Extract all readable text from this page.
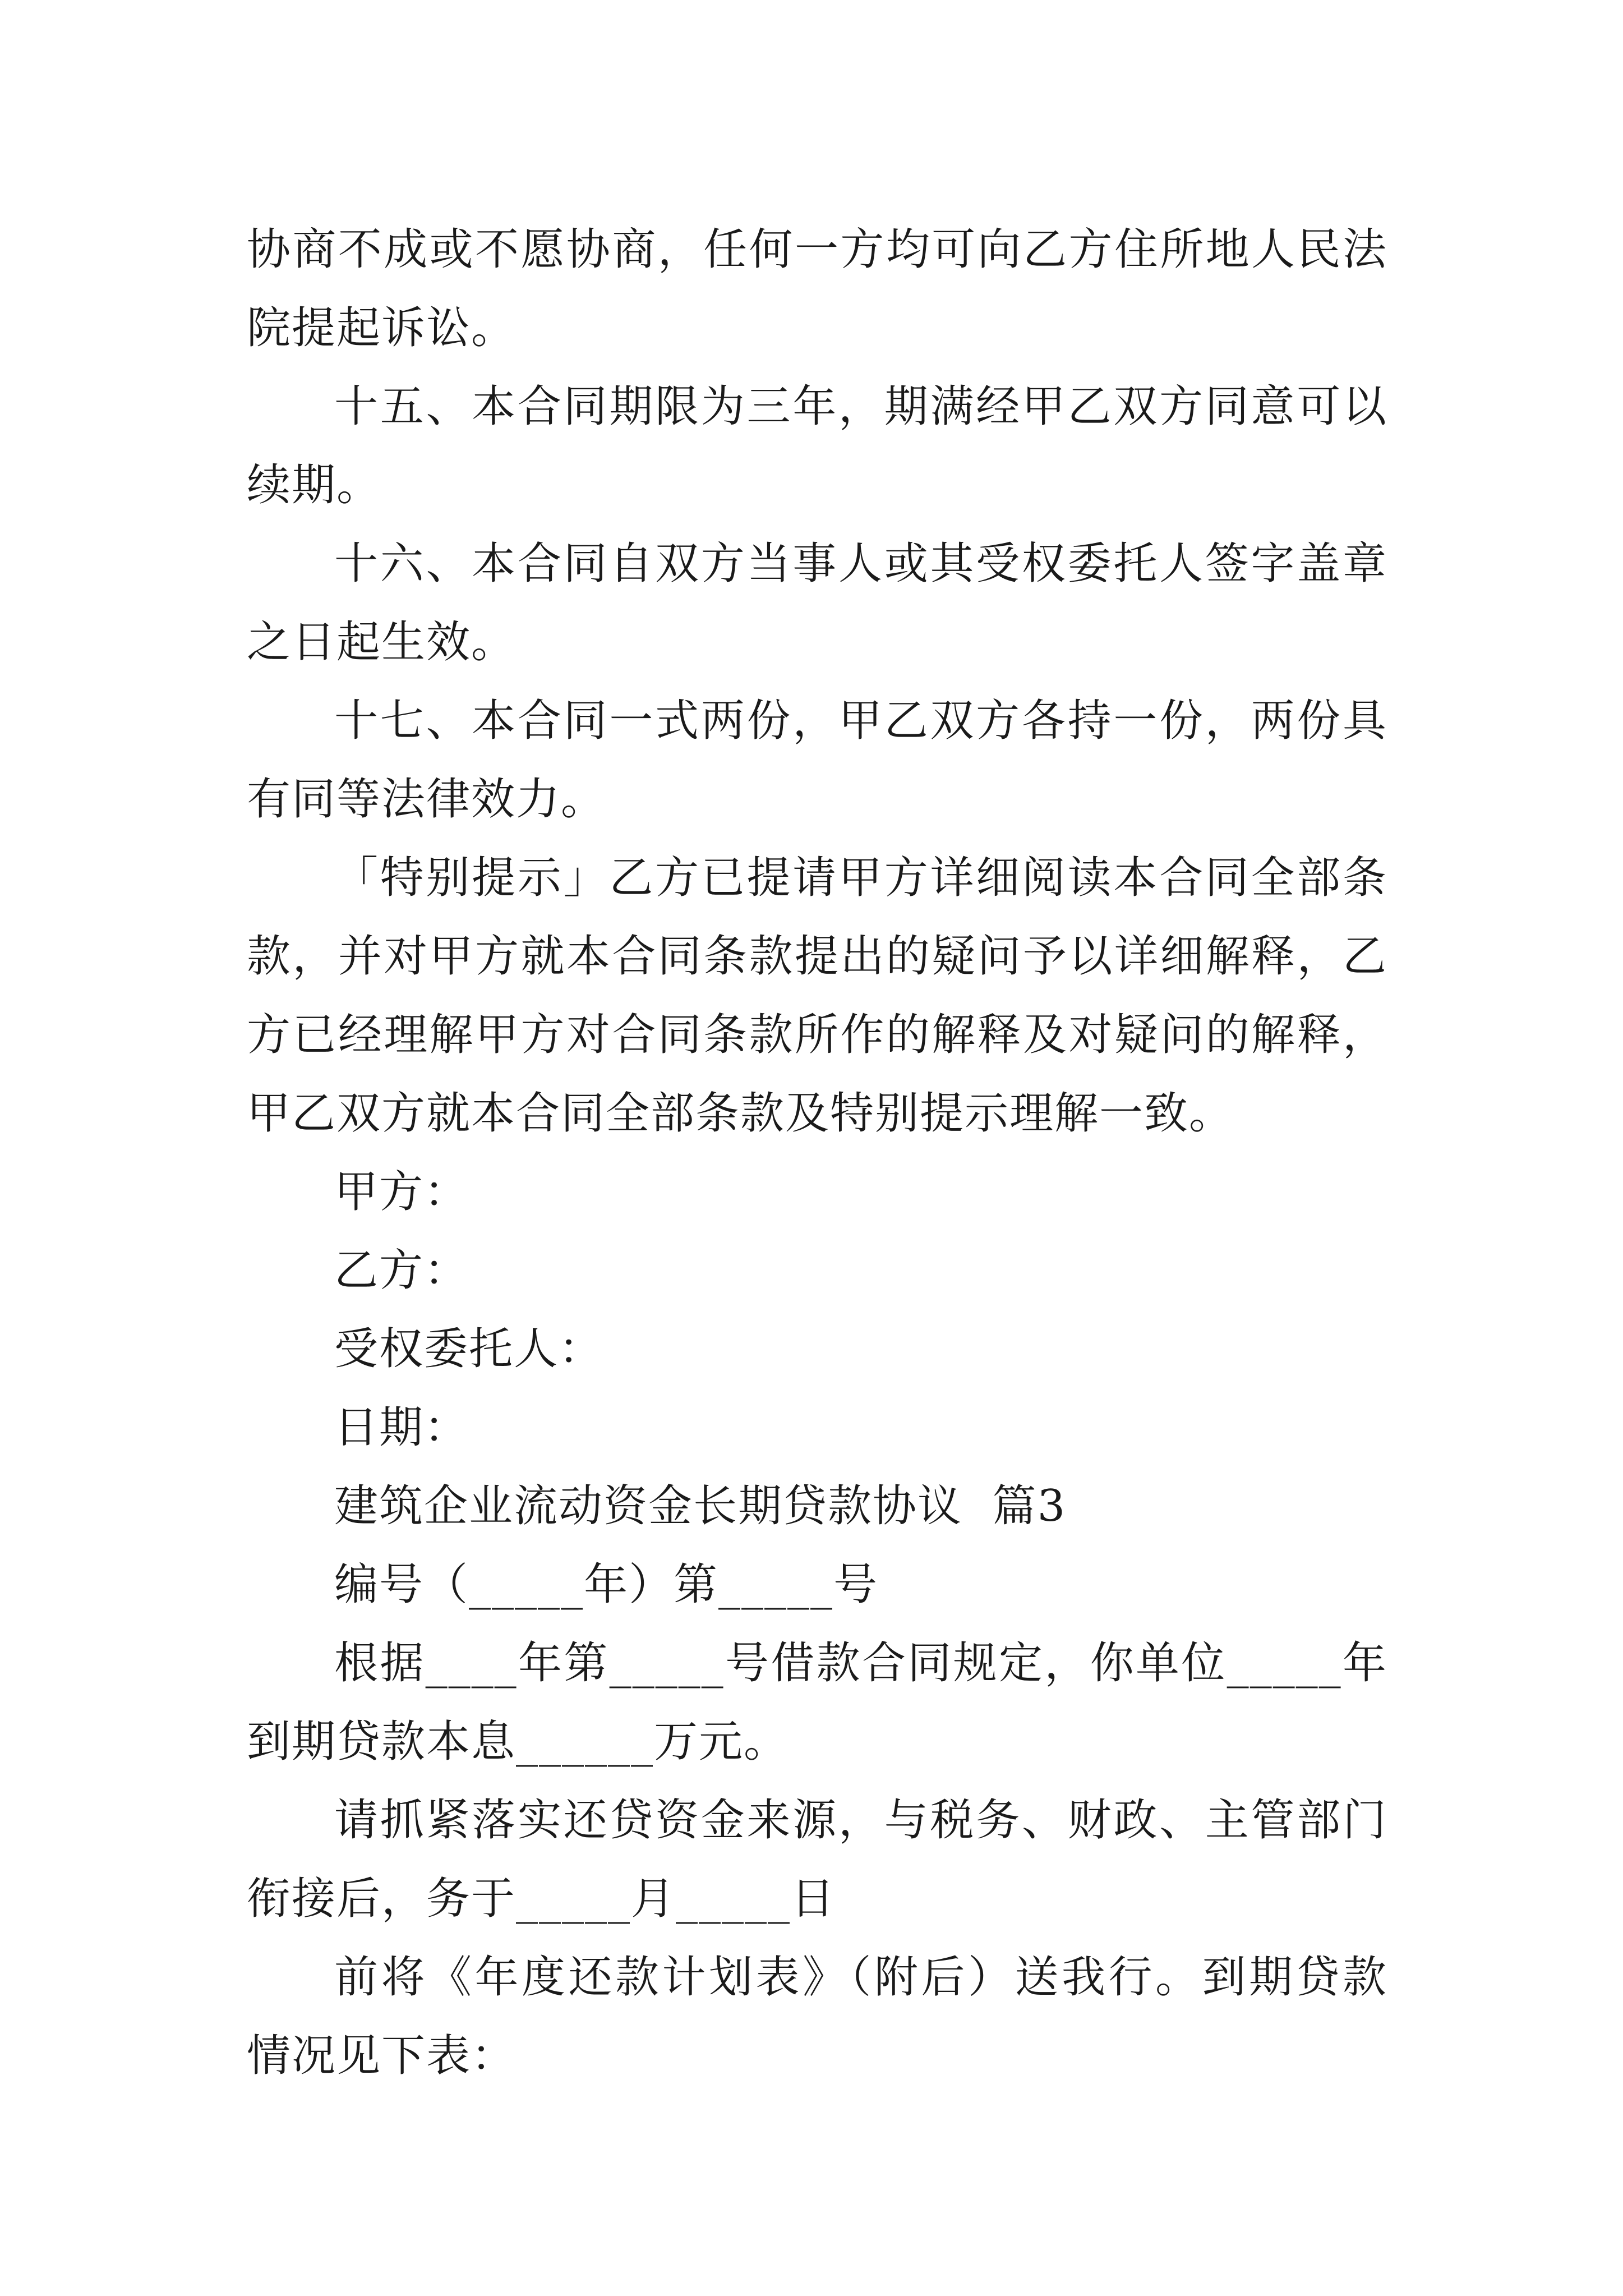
协商不成或不愿协商，任何一方均可向乙方住所地人民法院提起诉讼。

十五、本合同期限为三年，期满经甲乙双方同意可以续期。

十六、本合同自双方当事人或其受权委托人签字盖章之日起生效。

十七、本合同一式两份，甲乙双方各持一份，两份具有同等法律效力。

「特别提示」乙方已提请甲方详细阅读本合同全部条款，并对甲方就本合同条款提出的疑问予以详细解释，乙方已经理解甲方对合同条款所作的解释及对疑问的解释，甲乙双方就本合同全部条款及特别提示理解一致。

甲方：

乙方：

受权委托人：

日期：

建筑企业流动资金长期贷款协议  篇3

编号（_____年）第_____号

根据____年第_____号借款合同规定，你单位_____年到期贷款本息______万元。

请抓紧落实还贷资金来源，与税务、财政、主管部门衔接后，务于_____月_____日

前将《年度还款计划表》（附后）送我行。到期贷款情况见下表：
